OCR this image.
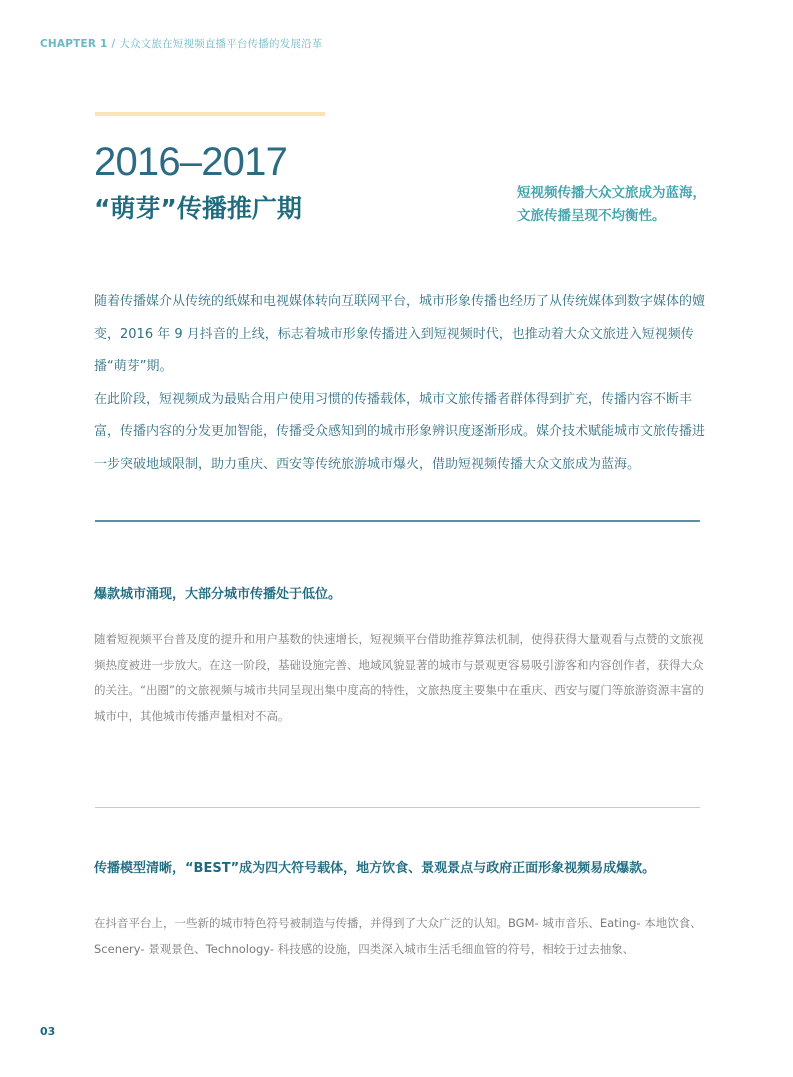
CHAPTER 1 / 大众文旅在短视频直播平台传播的发展沿革
2016–2017
“萌芽”传播推广期
短视频传播大众文旅成为蓝海，文旅传播呈现不均衡性。

随着传播媒介从传统的纸媒和电视媒体转向互联网平台，城市形象传播也经历了从传统媒体到数字媒体的嬗变，2016 年 9 月抖音的上线，标志着城市形象传播进入到短视频时代，也推动着大众文旅进入短视频传播“萌芽”期。

在此阶段，短视频成为最贴合用户使用习惯的传播载体，城市文旅传播者群体得到扩充，传播内容不断丰富，传播内容的分发更加智能，传播受众感知到的城市形象辨识度逐渐形成。媒介技术赋能城市文旅传播进一步突破地域限制，助力重庆、西安等传统旅游城市爆火，借助短视频传播大众文旅成为蓝海。

爆款城市涌现，大部分城市传播处于低位。
随着短视频平台普及度的提升和用户基数的快速增长，短视频平台借助推荐算法机制，使得获得大量观看与点赞的文旅视频热度被进一步放大。在这一阶段，基础设施完善、地域风貌显著的城市与景观更容易吸引游客和内容创作者，获得大众的关注。“出圈”的文旅视频与城市共同呈现出集中度高的特性，文旅热度主要集中在重庆、西安与厦门等旅游资源丰富的城市中，其他城市传播声量相对不高。
传播模型清晰，“BEST”成为四大符号载体，地方饮食、景观景点与政府正面形象视频易成爆款。
在抖音平台上，一些新的城市特色符号被制造与传播，并得到了大众广泛的认知。BGM- 城市音乐、Eating- 本地饮食、Scenery- 景观景色、Technology- 科技感的设施，四类深入城市生活毛细血管的符号，相较于过去抽象、
03
